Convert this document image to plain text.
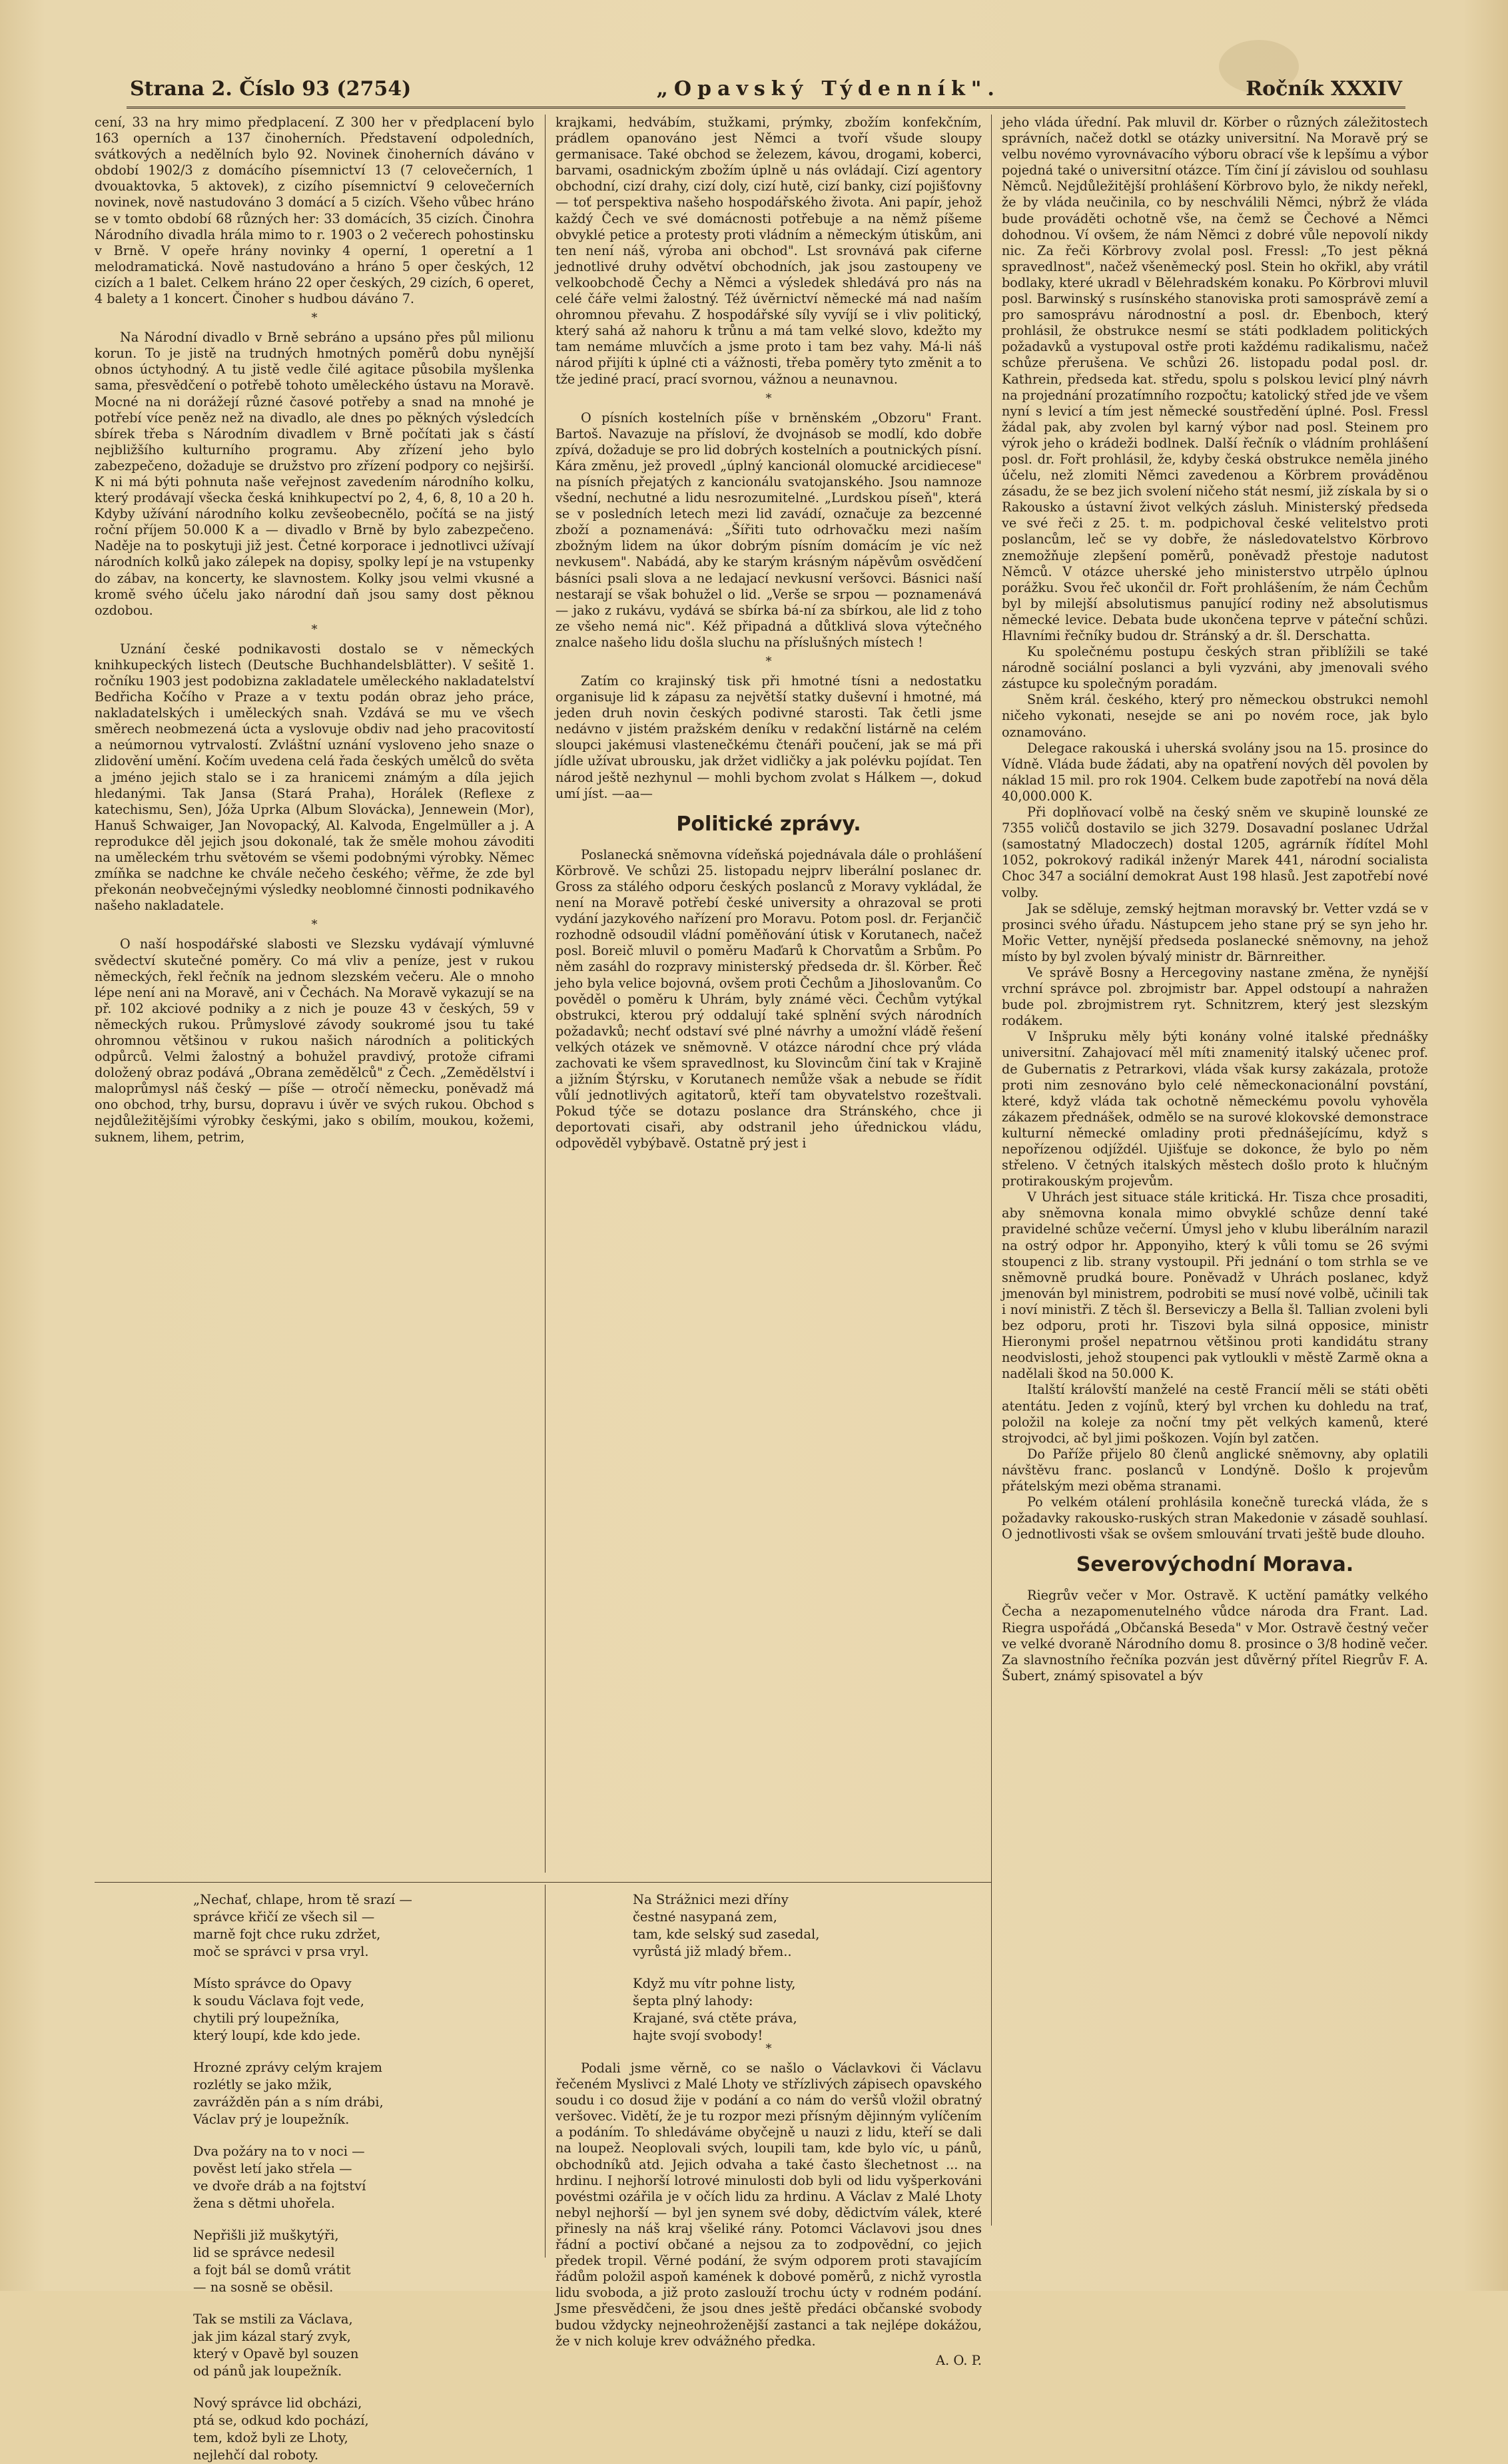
Strana 2. Číslo 93 (2754)	„Opavský Týdenník".	Ročník XXXIV

cení, 33 na hry mimo předplacení. Z 300 her v předplacení bylo 163 operních a 137 činoherních. Představení odpoledních, svátkových a nedělních bylo 92. Novinek činoherních dáváno v období 1902/3 z domácího písemnictví 13 (7 celovečerních, 1 dvouaktovka, 5 aktovek), z cizího písemnictví 9 celovečerních novinek, nově nastudováno 3 domácí a 5 cizích. Všeho vůbec hráno se v tomto období 68 různých her: 33 domácích, 35 cizích. Činohra Národního divadla hrála mimo to r. 1903 o 2 večerech pohostinsku v Brně. V opeře hrány novinky 4 operní, 1 operetní a 1 melodramatická. Nově nastudováno a hráno 5 oper českých, 12 cizích a 1 balet. Celkem hráno 22 oper českých, 29 cizích, 6 operet, 4 balety a 1 koncert. Činoher s hudbou dáváno 7.

*

Na Národní divadlo v Brně sebráno a upsáno přes půl milionu korun. To je jistě na trudných hmotných poměrů dobu nynější obnos úctyhodný. A tu jistě vedle čilé agitace působila myšlenka sama, přesvědčení o potřebě tohoto uměleckého ústavu na Moravě. Mocné na ni dorážejí různé časové potřeby a snad na mnohé je potřebí více peněz než na divadlo, ale dnes po pěkných výsledcích sbírek třeba s Národním divadlem v Brně počítati jak s částí nejbližšího kulturního programu. Aby zřízení jeho bylo zabezpečeno, dožaduje se družstvo pro zřízení podpory co nejširší. K ni má býti pohnuta naše veřejnost zavedením národního kolku, který prodávají všecka česká knihkupectví po 2, 4, 6, 8, 10 a 20 h. Kdyby užívání národního kolku zevšeobecnělo, počítá se na jistý roční příjem 50.000 K a — divadlo v Brně by bylo zabezpečeno. Naděje na to poskytuji již jest. Četné korporace i jednotlivci užívají národních kolků jako zálepek na dopisy, spolky lepí je na vstupenky do zábav, na koncerty, ke slavnostem. Kolky jsou velmi vkusné a kromě svého účelu jako národní daň jsou samy dost pěknou ozdobou.

*

Uznání české podnikavosti dostalo se v německých knihkupeckých listech (Deutsche Buchhandelsblätter). V sešitě 1. ročníku 1903 jest podobizna zakladatele uměleckého nakladatelství Bedřicha Kočího v Praze a v textu podán obraz jeho práce, nakladatelských i uměleckých snah. Vzdává se mu ve všech směrech neobmezená úcta a vyslovuje obdiv nad jeho pracovitostí a neúmornou vytrvalostí. Zvláštní uznání vysloveno jeho snaze o zlidovění umění. Kočím uvedena celá řada českých umělců do světa a jméno jejich stalo se i za hranicemi známým a díla jejich hledanými. Tak Jansa (Stará Praha), Horálek (Reflexe z katechismu, Sen), Jóža Uprka (Album Slovácka), Jennewein (Mor), Hanuš Schwaiger, Jan Novopacký, Al. Kalvoda, Engelmüller a j. A reprodukce děl jejich jsou dokonalé, tak že směle mohou závoditi na uměleckém trhu světovém se všemi podobnými výrobky. Němec zmíňka se nadchne ke chvále nečeho českého; věřme, že zde byl překonán neobvečejnými výsledky neoblomné činnosti podnikavého našeho nakladatele.

*

O naší hospodářské slabosti ve Slezsku vydávají výmluvné svědectví skutečné poměry. Co má vliv a peníze, jest v rukou německých, řekl řečník na jednom slezském večeru. Ale o mnoho lépe není ani na Moravě, ani v Čechách. Na Moravě vykazují se na př. 102 akciové podniky a z nich je pouze 43 v českých, 59 v německých rukou. Průmyslové závody soukromé jsou tu také ohromnou většinou v rukou našich národních a politických odpůrců. Velmi žalostný a bohužel pravdivý, protože ciframi doložený obraz podává „Obrana zemědělců" z Čech. „Zemědělství i maloprůmysl náš český — píše — otročí německu, poněvadž má ono obchod, trhy, bursu, dopravu i úvěr ve svých rukou. Obchod s nejdůležitějšími výrobky českými, jako s obilím, moukou, kožemi, suknem, lihem, petrim,

krajkami, hedvábím, stužkami, prýmky, zbožím konfekčním, prádlem opanováno jest Němci a tvoří všude sloupy germanisace. Také obchod se železem, kávou, drogami, koberci, barvami, osadnickým zbožím úplně u nás ovládají. Cizí agentory obchodní, cizí drahy, cizí doly, cizí hutě, cizí banky, cizí pojišťovny — toť perspektiva našeho hospodářského života. Ani papír, jehož každý Čech ve své domácnosti potřebuje a na němž píšeme obvyklé petice a protesty proti vládním a německým útiskům, ani ten není náš, výroba ani obchod". Lst srovnává pak ciferne jednotlivé druhy odvětví obchodních, jak jsou zastoupeny ve velkoobchodě Čechy a Němci a výsledek shledává pro nás na celé čáře velmi žalostný. Též úvěrnictví německé má nad naším ohromnou převahu. Z hospodářské síly vyvíjí se i vliv politický, který sahá až nahoru k trůnu a má tam velké slovo, kdežto my tam nemáme mluvčích a jsme proto i tam bez vahy. Má-li náš národ přijíti k úplné cti a vážnosti, třeba poměry tyto změnit a to tže jediné prací, prací svornou, vážnou a neunavnou.

*

O písních kostelních píše v brněnském „Obzoru" Frant. Bartoš. Navazuje na přísloví, že dvojnásob se modlí, kdo dobře zpívá, dožaduje se pro lid dobrých kostelních a poutnických písní. Kára změnu, jež provedl „úplný kancionál olomucké arcidiecese" na písních přejatých z kancionálu svatojanského. Jsou namnoze všední, nechutné a lidu nesrozumitelné. „Lurdskou píseň", která se v posledních letech mezi lid zavádí, označuje za bezcenné zboží a poznamenává: „Šířiti tuto odrhovačku mezi naším zbožným lidem na úkor dobrým písním domácím je víc než nevkusem". Nabádá, aby ke starým krásným nápěvům osvědčení básníci psali slova a ne ledajací nevkusní veršovci. Básnici naší nestarají se však bohužel o lid. „Verše se srpou — poznamenává — jako z rukávu, vydává se sbírka bá-ní za sbírkou, ale lid z toho ze všeho nemá nic". Kéž připadná a důtklivá slova výtečného znalce našeho lidu došla sluchu na příslušných místech !

*

Zatím co krajinský tisk při hmotné tísni a nedostatku organisuje lid k zápasu za největší statky duševní i hmotné, má jeden druh novin českých podivné starosti. Tak četli jsme nedávno v jistém pražském deníku v redakční listárně na celém sloupci jakémusi vlastenečkému čtenáři poučení, jak se má při jídle užívat ubrousku, jak držet vidličky a jak polévku pojídat. Ten národ ještě nezhynul — mohli bychom zvolat s Hálkem —, dokud umí jíst. —aa—

Politické zprávy.

Poslanecká sněmovna vídeňská pojednávala dále o prohlášení Körbrově. Ve schůzi 25. listopadu nejprv liberální poslanec dr. Gross za stálého odporu českých poslanců z Moravy vykládal, že není na Moravě potřebí české university a ohrazoval se proti vydání jazykového nařízení pro Moravu. Potom posl. dr. Ferjančič rozhodně odsoudil vládní poměňování útisk v Korutanech, načež posl. Boreič mluvil o poměru Maďarů k Chorvatům a Srbům. Po něm zasáhl do rozpravy ministerský předseda dr. šl. Körber. Řeč jeho byla velice bojovná, ovšem proti Čechům a Jihoslovanům. Co pověděl o poměru k Uhrám, byly známé věci. Čechům vytýkal obstrukci, kterou prý oddalují také splnění svých národních požadavků; nechť odstaví své plné návrhy a umožní vládě řešení velkých otázek ve sněmovně. V otázce národní chce prý vláda zachovati ke všem spravedlnost, ku Slovincům činí tak v Krajině a jižním Štýrsku, v Korutanech nemůže však a nebude se řídit vůlí jednotlivých agitatorů, kteří tam obyvatelstvo rozeštvali. Pokud týče se dotazu poslance dra Stránského, chce ji deportovati cisaři, aby odstranil jeho úřednickou vládu, odpověděl vybýbavě. Ostatně prý jest i

jeho vláda úřední. Pak mluvil dr. Körber o různých záležitostech správních, načež dotkl se otázky universitní. Na Moravě prý se velbu novémo vyrovnávacího výboru obrací vše k lepšímu a výbor pojedná také o universitní otázce. Tím činí jí závislou od souhlasu Němců. Nejdůležitější prohlášení Körbrovo bylo, že nikdy neřekl, že by vláda neučinila, co by neschválili Němci, nýbrž že vláda bude prováděti ochotně vše, na čemž se Čechové a Němci dohodnou. Ví ovšem, že nám Němci z dobré vůle nepovolí nikdy nic. Za řeči Körbrovy zvolal posl. Fressl: „To jest pěkná spravedlnost", načež všeněmecký posl. Stein ho okřikl, aby vrátil bodlaky, které ukradl v Bělehradském konaku. Po Körbrovi mluvil posl. Barwinský s rusínského stanoviska proti samosprávě zemí a pro samosprávu národnostní a posl. dr. Ebenboch, který prohlásil, že obstrukce nesmí se státi podkladem politických požadavků a vystupoval ostře proti každému radikalismu, načež schůze přerušena. Ve schůzi 26. listopadu podal posl. dr. Kathrein, předseda kat. středu, spolu s polskou levicí plný návrh na projednání prozatímního rozpočtu; katolický střed jde ve všem nyní s levicí a tím jest německé soustředění úplné. Posl. Fressl žádal pak, aby zvolen byl karný výbor nad posl. Steinem pro výrok jeho o krádeži bodlnek. Další řečník o vládním prohlášení posl. dr. Fořt prohlásil, že, kdyby česká obstrukce neměla jiného účelu, než zlomiti Němci zavedenou a Körbrem prováděnou zásadu, že se bez jich svolení ničeho stát nesmí, již získala by si o Rakousko a ústavní život velkých zásluh. Ministerský předseda ve své řeči z 25. t. m. podpichoval české velitelstvo proti poslancům, leč se vy dobře, že následovatelstvo Körbrovo znemožňuje zlepšení poměrů, poněvadž přestoje nadutost Němců. V otázce uherské jeho ministerstvo utrpělo úplnou porážku. Svou řeč ukončil dr. Fořt prohlášením, že nám Čechům byl by milejší absolutismus panující rodiny než absolutismus německé levice. Debata bude ukončena teprve v páteční schůzi. Hlavními řečníky budou dr. Stránský a dr. šl. Derschatta.

Ku společnému postupu českých stran přiblížili se také národně sociální poslanci a byli vyzváni, aby jmenovali svého zástupce ku společným poradám.

Sněm král. českého, který pro německou obstrukci nemohl ničeho vykonati, nesejde se ani po novém roce, jak bylo oznamováno.

Delegace rakouská i uherská svolány jsou na 15. prosince do Vídně. Vláda bude žádati, aby na opatření nových děl povolen by náklad 15 mil. pro rok 1904. Celkem bude zapotřebí na nová děla 40,000.000 K.

Při doplňovací volbě na český sněm ve skupině lounské ze 7355 voličů dostavilo se jich 3279. Dosavadní poslanec Udržal (samostatný Mladoczech) dostal 1205, agrárník řídítel Mohl 1052, pokrokový radikál inženýr Marek 441, národní socialista Choc 347 a sociální demokrat Aust 198 hlasů. Jest zapotřebí nové volby.

Jak se sděluje, zemský hejtman moravský br. Vetter vzdá se v prosinci svého úřadu. Nástupcem jeho stane prý se syn jeho hr. Mořic Vetter, nynější předseda poslanecké sněmovny, na jehož místo by byl zvolen bývalý ministr dr. Bärnreither.

Ve správě Bosny a Hercegoviny nastane změna, že nynější vrchní správce pol. zbrojmistr bar. Appel odstoupí a nahražen bude pol. zbrojmistrem ryt. Schnitzrem, který jest slezským rodákem.

V Inšpruku měly býti konány volné italské přednášky universitní. Zahajovací měl míti znamenitý italský učenec prof. de Gubernatis z Petrarkovi, vláda však kursy zakázala, protože proti nim zesnováno bylo celé německonacionální povstání, které, když vláda tak ochotně německému povolu vyhověla zákazem přednášek, odmělo se na surové klokovské demonstrace kulturní německé omladiny proti přednášejícímu, když s nepořízenou odjíždél. Ujišťuje se dokonce, že bylo po něm střeleno. V četných italských městech došlo proto k hlučným protirakouským projevům.

V Uhrách jest situace stále kritická. Hr. Tisza chce prosaditi, aby sněmovna konala mimo obvyklé schůze denní také pravidelné schůze večerní. Úmysl jeho v klubu liberálním narazil na ostrý odpor hr. Apponyiho, který k vůli tomu se 26 svými stoupenci z lib. strany vystoupil. Při jednání o tom strhla se ve sněmovně prudká boure. Poněvadž v Uhrách poslanec, když jmenován byl ministrem, podrobiti se musí nové volbě, učinili tak i noví ministři. Z těch šl. Berseviczy a Bella šl. Tallian zvoleni byli bez odporu, proti hr. Tiszovi byla silná opposice, ministr Hieronymi prošel nepatrnou většinou proti kandidátu strany neodvislosti, jehož stoupenci pak vytloukli v městě Zarmě okna a nadělali škod na 50.000 K.

Italští královští manželé na cestě Francií měli se státi oběti atentátu. Jeden z vojínů, který byl vrchen ku dohledu na trať, položil na koleje za noční tmy pět velkých kamenů, které strojvodci, ač byl jimi poškozen. Vojín byl zatčen.

Do Paříže přijelo 80 členů anglické sněmovny, aby oplatili návštěvu franc. poslanců v Londýně. Došlo k projevům přátelským mezi oběma stranami.

Po velkém otálení prohlásila konečně turecká vláda, že s požadavky rakousko-ruských stran Makedonie v zásadě souhlasí. O jednotlivosti však se ovšem smlouvání trvati ještě bude dlouho.

Severovýchodní Morava.

Riegrův večer v Mor. Ostravě. K uctění památky velkého Čecha a nezapomenutelného vůdce národa dra Frant. Lad. Riegra uspořádá „Občanská Beseda" v Mor. Ostravě čestný večer ve velké dvoraně Národního domu 8. prosince o 3/8 hodině večer. Za slavnostního řečníka pozván jest důvěrný přítel Riegrův F. A. Šubert, známý spisovatel a býv

„Nechať, chlape, hrom tě srazí —
správce křičí ze všech sil —
marně fojt chce ruku zdržet,
moč se správci v prsa vryl.
Místo správce do Opavy
k soudu Václava fojt vede,
chytili prý loupežníka,
který loupí, kde kdo jede.
Hrozné zprávy celým krajem
rozlétly se jako mžik,
zavrážděn pán a s ním drábi,
Václav prý je loupežník.
Dva požáry na to v noci —
pověst letí jako střela —
ve dvoře dráb a na fojtství
žena s dětmi uhořela.
Nepřišli již muškytýři,
lid se správce nedesil
a fojt bál se domů vrátit
— na sosně se oběsil.
Tak se mstili za Václava,
jak jim kázal starý zvyk,
který v Opavě byl souzen
od pánů jak loupežník.
Nový správce lid obcházi,
ptá se, odkud kdo pochází,
tem, kdož byli ze Lhoty,
nejlehčí dal roboty.
Na Strážnici mezi dříny
čestné nasypaná zem,
tam, kde selský sud zasedal,
vyrůstá již mladý břem..
Když mu vítr pohne listy,
šepta plný lahody:
Krajané, svá ctěte práva,
hajte svojí svobody!
*

Podali jsme věrně, co se našlo o Václavkovi či Václavu řečeném Myslivci z Malé Lhoty ve střízlivých zápisech opavského soudu i co dosud žije v podání a co nám do veršů vložil obratný veršovec. Vidětí, že je tu rozpor mezi přísným dějinným vylíčením a podáním. To shledáváme obyčejně u nauzi z lidu, kteří se dali na loupež. Neoplovali svých, loupili tam, kde bylo víc, u pánů, obchodníků atd. Jejich odvaha a také často šlechetnost ... na hrdinu. I nejhorší lotrové minulosti dob byli od lidu vyšperkováni povéstmi ozářila je v očích lidu za hrdinu. A Václav z Malé Lhoty nebyl nejhorší — byl jen synem své doby, dědictvím válek, které přinesly na náš kraj všeliké rány. Potomci Václavovi jsou dnes řádní a poctiví občané a nejsou za to zodpovědní, co jejich předek tropil. Věrné podání, že svým odporem proti stavajícím řádům položil aspoň kamének k dobové poměrů, z nichž vyrostla lidu svoboda, a již proto zaslouží trochu úcty v rodném podání. Jsme přesvědčeni, že jsou dnes ještě předáci občanské svobody budou vždycky nejneohroženější zastanci a tak nejlépe dokážou, že v nich koluje krev odvážného předka.

A. O. P.
